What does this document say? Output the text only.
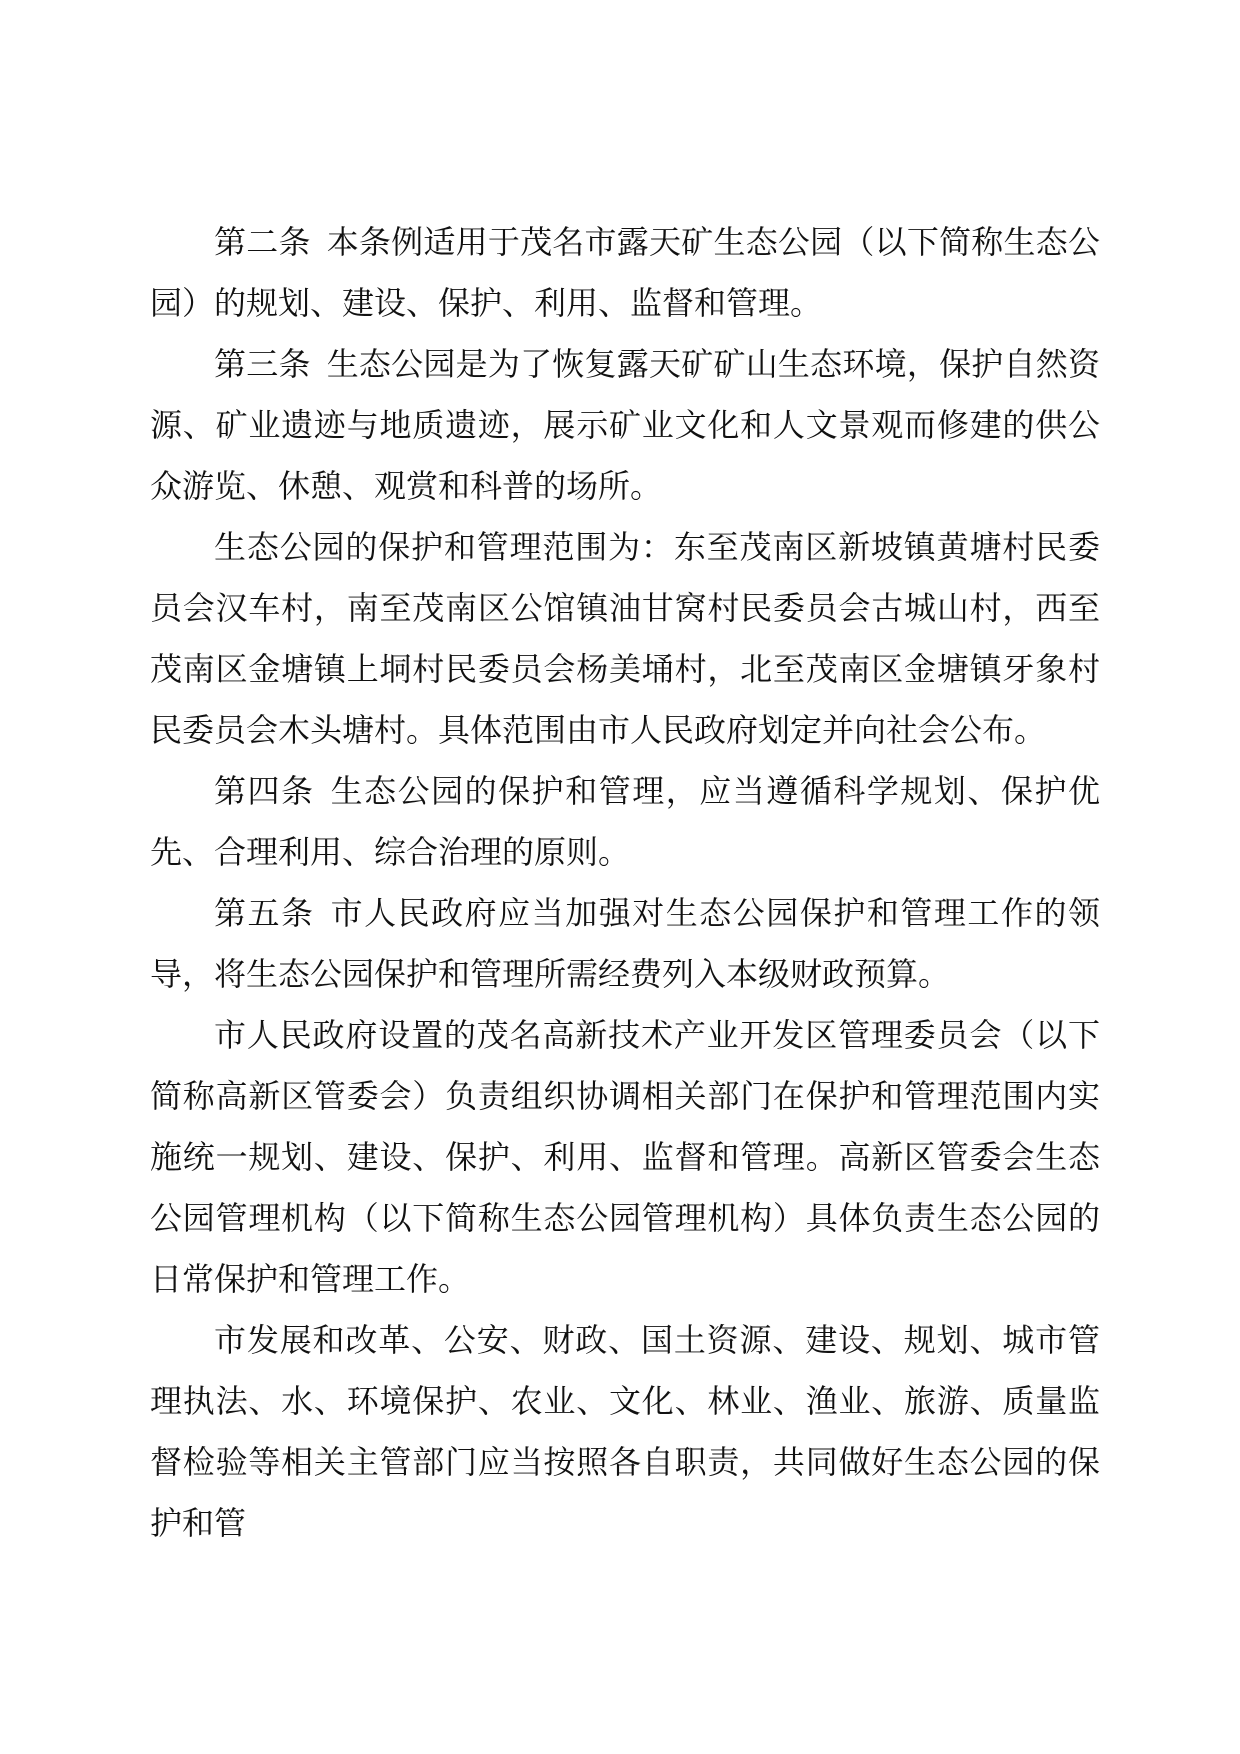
第二条 本条例适用于茂名市露天矿生态公园（以下简称生态公园）的规划、建设、保护、利用、监督和管理。

第三条 生态公园是为了恢复露天矿矿山生态环境，保护自然资源、矿业遗迹与地质遗迹，展示矿业文化和人文景观而修建的供公众游览、休憩、观赏和科普的场所。

生态公园的保护和管理范围为：东至茂南区新坡镇黄塘村民委员会汉车村，南至茂南区公馆镇油甘窝村民委员会古城山村，西至茂南区金塘镇上垌村民委员会杨美埇村，北至茂南区金塘镇牙象村民委员会木头塘村。具体范围由市人民政府划定并向社会公布。

第四条 生态公园的保护和管理，应当遵循科学规划、保护优先、合理利用、综合治理的原则。

第五条 市人民政府应当加强对生态公园保护和管理工作的领导，将生态公园保护和管理所需经费列入本级财政预算。

市人民政府设置的茂名高新技术产业开发区管理委员会（以下简称高新区管委会）负责组织协调相关部门在保护和管理范围内实施统一规划、建设、保护、利用、监督和管理。高新区管委会生态公园管理机构（以下简称生态公园管理机构）具体负责生态公园的日常保护和管理工作。

市发展和改革、公安、财政、国土资源、建设、规划、城市管理执法、水、环境保护、农业、文化、林业、渔业、旅游、质量监督检验等相关主管部门应当按照各自职责，共同做好生态公园的保护和管
